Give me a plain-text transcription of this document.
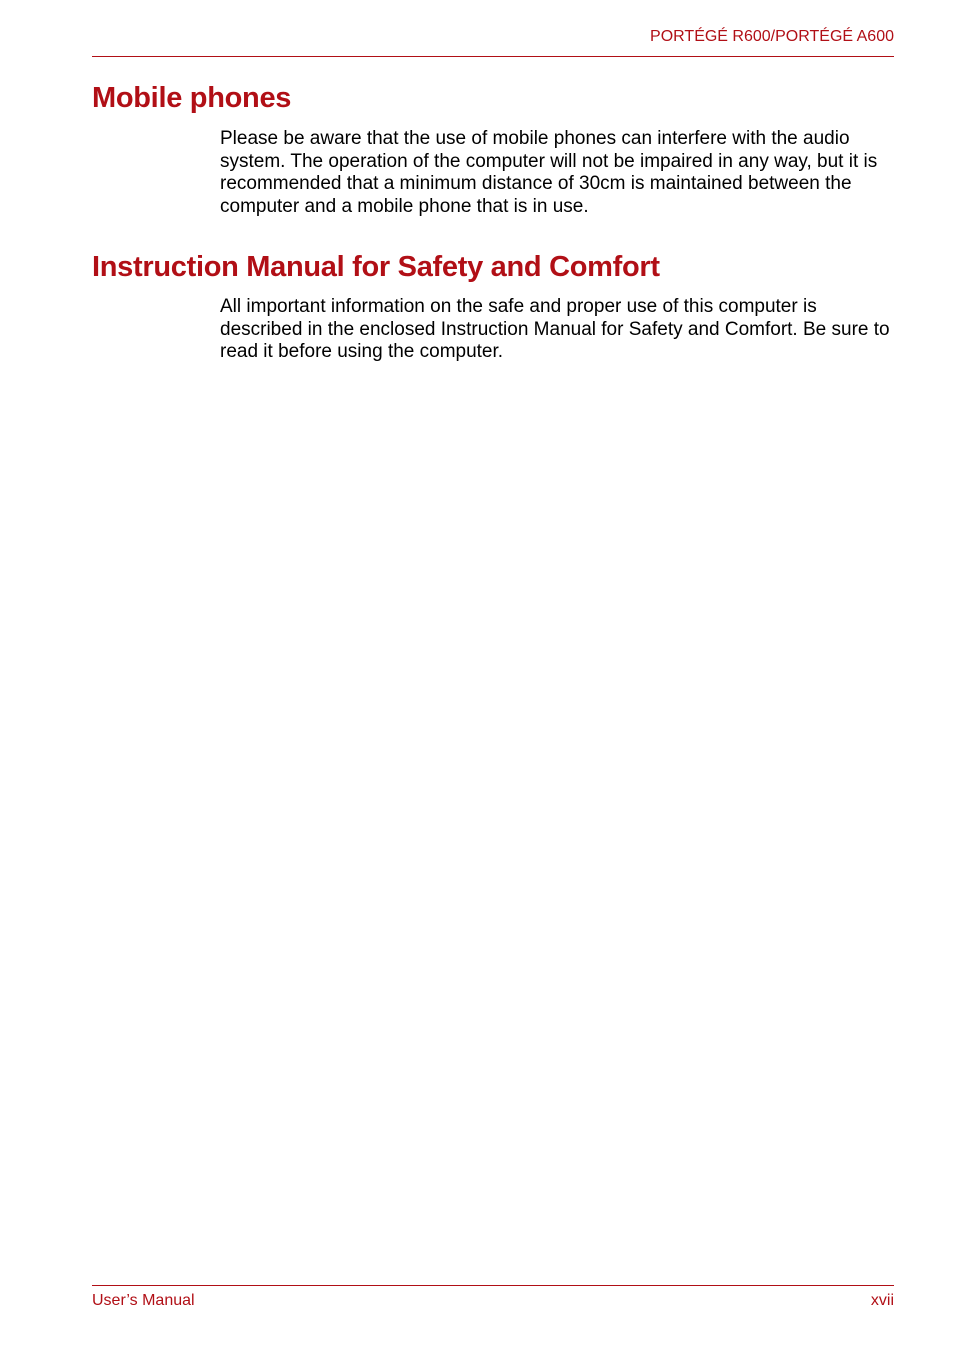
PORTÉGÉ R600/PORTÉGÉ A600
Mobile phones

Please be aware that the use of mobile phones can interfere with the audio system. The operation of the computer will not be impaired in any way, but it is recommended that a minimum distance of 30cm is maintained between the computer and a mobile phone that is in use.

Instruction Manual for Safety and Comfort

All important information on the safe and proper use of this computer is described in the enclosed Instruction Manual for Safety and Comfort. Be sure to read it before using the computer.

User’s Manual	xvii
